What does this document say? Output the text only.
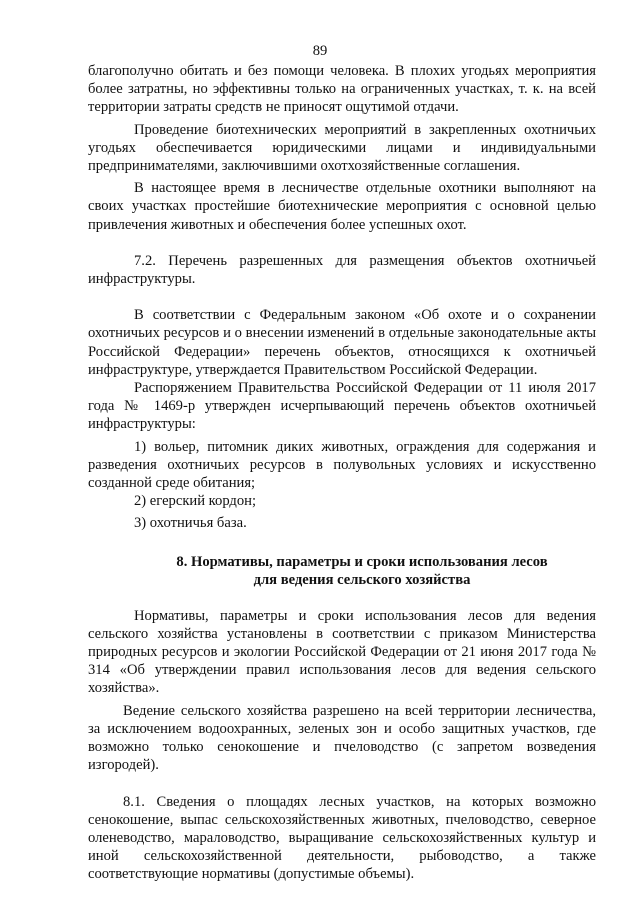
89

благополучно обитать и без помощи человека. В плохих угодьях мероприятия более затратны, но эффективны только на ограниченных участках, т. к. на всей территории затраты средств не приносят ощутимой отдачи.

Проведение биотехнических мероприятий в закрепленных охотничьих угодьях обеспечивается юридическими лицами и индивидуальными предпринимателями, заключившими охотхозяйственные соглашения.

В настоящее время в лесничестве отдельные охотники выполняют на своих участках простейшие биотехнические мероприятия с основной целью привлечения животных и обеспечения более успешных охот.

7.2. Перечень разрешенных для размещения объектов охотничьей инфраструктуры.

В соответствии с Федеральным законом «Об охоте и о сохранении охотничьих ресурсов и о внесении изменений в отдельные законодательные акты Российской Федерации» перечень объектов, относящихся к охотничьей инфраструктуре, утверждается Правительством Российской Федерации.

Распоряжением Правительства Российской Федерации от 11 июля 2017 года № 1469-р утвержден исчерпывающий перечень объектов охотничьей инфраструктуры:

1) вольер, питомник диких животных, ограждения для содержания и разведения охотничьих ресурсов в полувольных условиях и искусственно созданной среде обитания;

2) егерский кордон;

3) охотничья база.

8. Нормативы, параметры и сроки использования лесов
для ведения сельского хозяйства

Нормативы, параметры и сроки использования лесов для ведения сельского хозяйства установлены в соответствии с приказом Министерства природных ресурсов и экологии Российской Федерации от 21 июня 2017 года № 314 «Об утверждении правил использования лесов для ведения сельского хозяйства».

Ведение сельского хозяйства разрешено на всей территории лесничества, за исключением водоохранных, зеленых зон и особо защитных участков, где возможно только сенокошение и пчеловодство (с запретом возведения изгородей).

8.1. Сведения о площадях лесных участков, на которых возможно сенокошение, выпас сельскохозяйственных животных, пчеловодство, северное оленеводство, мараловодство, выращивание сельскохозяйственных культур и иной сельскохозяйственной деятельности, рыбоводство, а также соответствующие нормативы (допустимые объемы).
